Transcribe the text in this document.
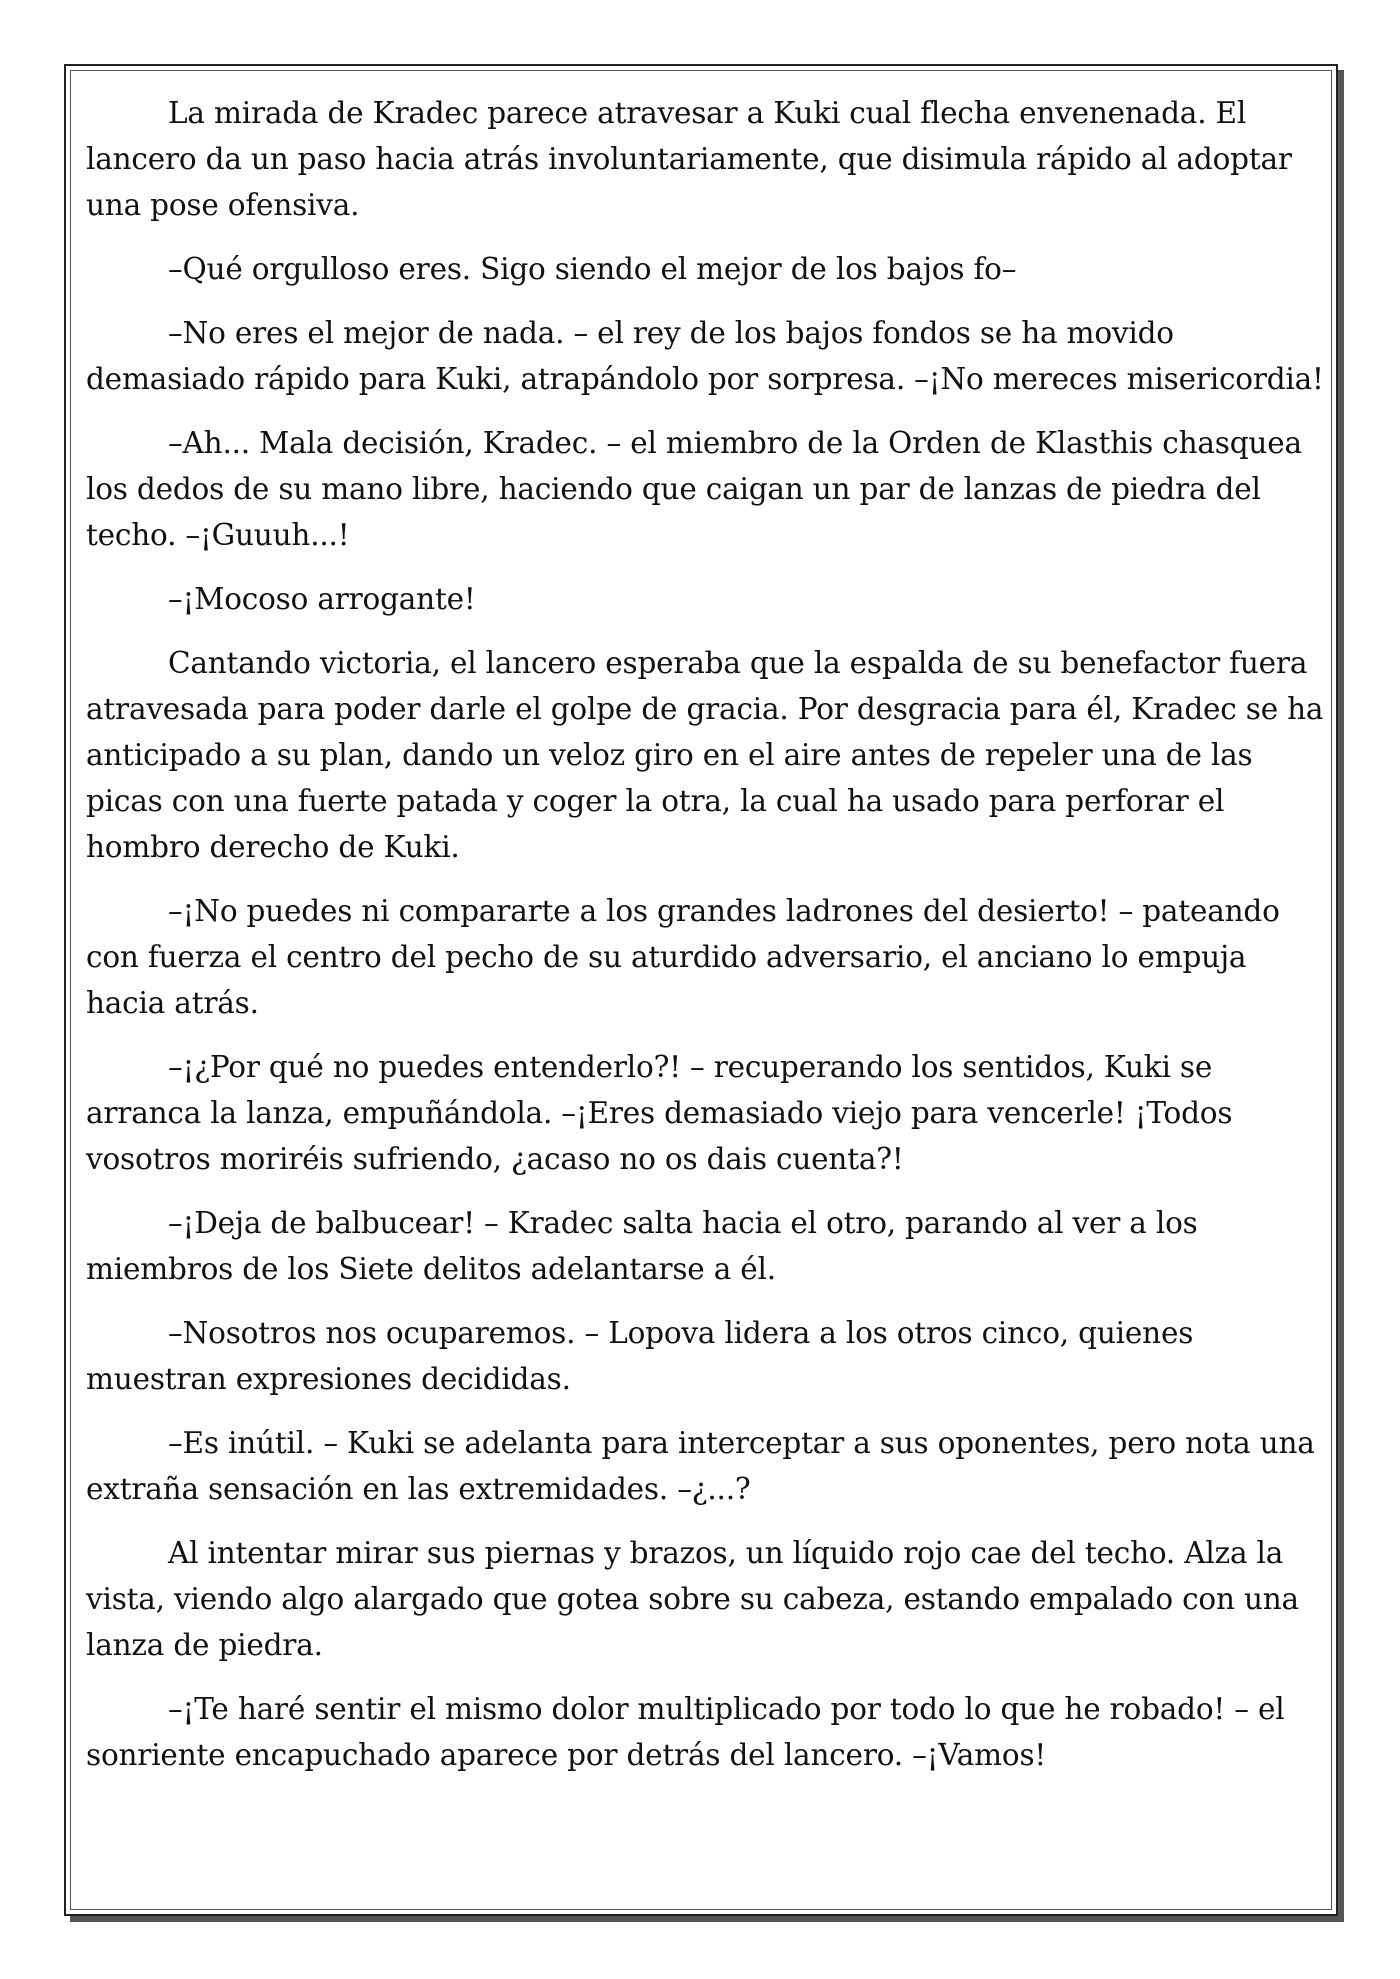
La mirada de Kradec parece atravesar a Kuki cual flecha envenenada. El lancero da un paso hacia atrás involuntariamente, que disimula rápido al adoptar una pose ofensiva.

–Qué orgulloso eres. Sigo siendo el mejor de los bajos fo–

–No eres el mejor de nada. – el rey de los bajos fondos se ha movido demasiado rápido para Kuki, atrapándolo por sorpresa. –¡No mereces misericordia!

–Ah... Mala decisión, Kradec. – el miembro de la Orden de Klasthis chasquea los dedos de su mano libre, haciendo que caigan un par de lanzas de piedra del techo. –¡Guuuh...!

–¡Mocoso arrogante!

Cantando victoria, el lancero esperaba que la espalda de su benefactor fuera atravesada para poder darle el golpe de gracia. Por desgracia para él, Kradec se ha anticipado a su plan, dando un veloz giro en el aire antes de repeler una de las picas con una fuerte patada y coger la otra, la cual ha usado para perforar el hombro derecho de Kuki.

–¡No puedes ni compararte a los grandes ladrones del desierto! – pateando con fuerza el centro del pecho de su aturdido adversario, el anciano lo empuja hacia atrás.

–¡¿Por qué no puedes entenderlo?! – recuperando los sentidos, Kuki se arranca la lanza, empuñándola. –¡Eres demasiado viejo para vencerle! ¡Todos vosotros moriréis sufriendo, ¿acaso no os dais cuenta?!

–¡Deja de balbucear! – Kradec salta hacia el otro, parando al ver a los miembros de los Siete delitos adelantarse a él.

–Nosotros nos ocuparemos. – Lopova lidera a los otros cinco, quienes muestran expresiones decididas.

–Es inútil. – Kuki se adelanta para interceptar a sus oponentes, pero nota una extraña sensación en las extremidades. –¿...?

Al intentar mirar sus piernas y brazos, un líquido rojo cae del techo. Alza la vista, viendo algo alargado que gotea sobre su cabeza, estando empalado con una lanza de piedra.

–¡Te haré sentir el mismo dolor multiplicado por todo lo que he robado! – el sonriente encapuchado aparece por detrás del lancero. –¡Vamos!
